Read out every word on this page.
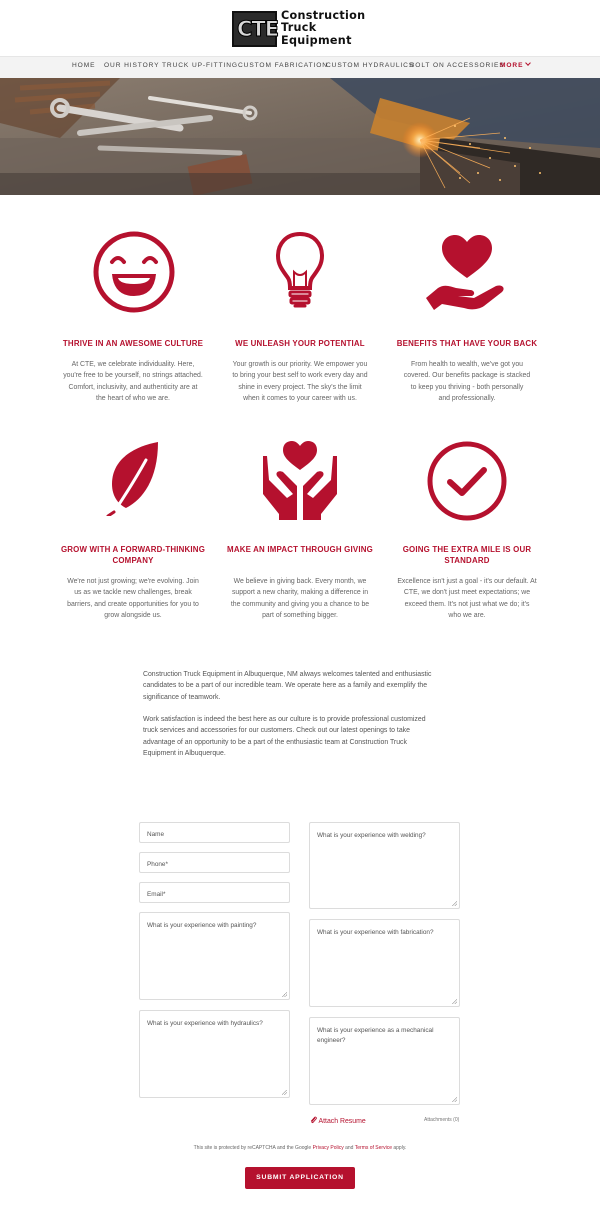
CTE
Construction
Truck
Equipment
HOME OUR HISTORY TRUCK UP-FITTING CUSTOM FABRICATION
CUSTOM HYDRAULICS
BOLT ON ACCESSORIES
MORE
THRIVE IN AN AWESOME CULTURE
At CTE, we celebrate individuality. Here,
you're free to be yourself, no strings attached.
Comfort, inclusivity, and authenticity are at
the heart of who we are.
WE UNLEASH YOUR POTENTIAL
Your growth is our priority. We empower you
to bring your best self to work every day and
shine in every project. The sky's the limit
when it comes to your career with us.
BENEFITS THAT HAVE YOUR BACK
From health to wealth, we've got you
covered. Our benefits package is stacked
to keep you thriving - both personally
and professionally.
GROW WITH A FORWARD-THINKING
COMPANY
We're not just growing; we're evolving. Join
us as we tackle new challenges, break
barriers, and create opportunities for you to
grow alongside us.
MAKE AN IMPACT THROUGH GIVING
We believe in giving back. Every month, we
support a new charity, making a difference in
the community and giving you a chance to be
part of something bigger.
GOING THE EXTRA MILE IS OUR STANDARD
Excellence isn't just a goal - it's our default. At
CTE, we don't just meet expectations; we
exceed them. It's not just what we do; it's
who we are.
Construction Truck Equipment in Albuquerque, NM always welcomes talented and enthusiastic
candidates to be a part of our incredible team. We operate here as a family and exemplify the
significance of teamwork.
Work satisfaction is indeed the best here as our culture is to provide professional customized
truck services and accessories for our customers. Check out our latest openings to take
advantage of an opportunity to be a part of the enthusiastic team at Construction Truck
Equipment in Albuquerque.
Name
Phone*
Email*
What is your experience with painting?
What is your experience with hydraulics?
What is your experience with welding?
What is your experience with fabrication?
What is your experience as a mechanical
engineer?
Attach Resume	Attachments (0)
This site is protected by reCAPTCHA and the Google Privacy Policy and Terms of Service apply.
SUBMIT APPLICATION
